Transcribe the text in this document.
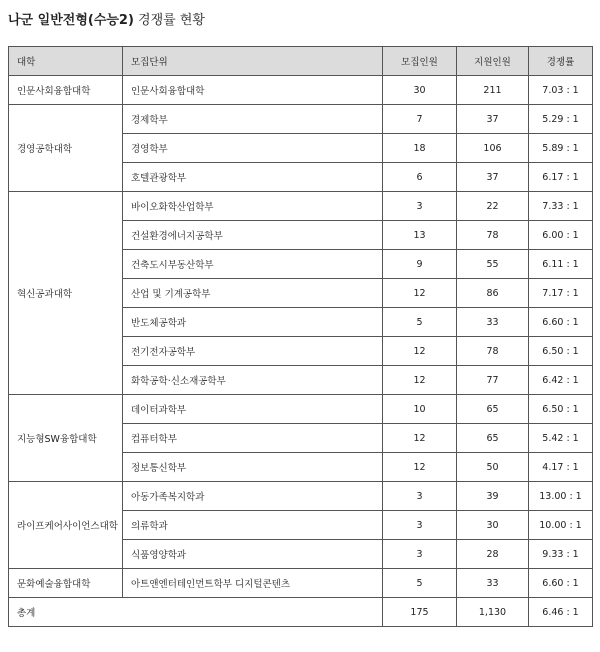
나군 일반전형(수능2) 경쟁률 현황
대학	모집단위	모집인원	지원인원	경쟁률
인문사회융합대학	인문사회융합대학	30	211	7.03 : 1
경영공학대학	경제학부	7	37	5.29 : 1
	경영학부	18	106	5.89 : 1
	호텔관광학부	6	37	6.17 : 1
혁신공과대학	바이오화학산업학부	3	22	7.33 : 1
	건설환경에너지공학부	13	78	6.00 : 1
	건축도시부동산학부	9	55	6.11 : 1
	산업 및 기계공학부	12	86	7.17 : 1
	반도체공학과	5	33	6.60 : 1
	전기전자공학부	12	78	6.50 : 1
	화학공학·신소재공학부	12	77	6.42 : 1
지능형SW융합대학	데이터과학부	10	65	6.50 : 1
	컴퓨터학부	12	65	5.42 : 1
	정보통신학부	12	50	4.17 : 1
라이프케어사이언스대학	아동가족복지학과	3	39	13.00 : 1
	의류학과	3	30	10.00 : 1
	식품영양학과	3	28	9.33 : 1
문화예술융합대학	아트앤엔터테인먼트학부 디지털콘텐츠	5	33	6.60 : 1
총계		175	1,130	6.46 : 1
